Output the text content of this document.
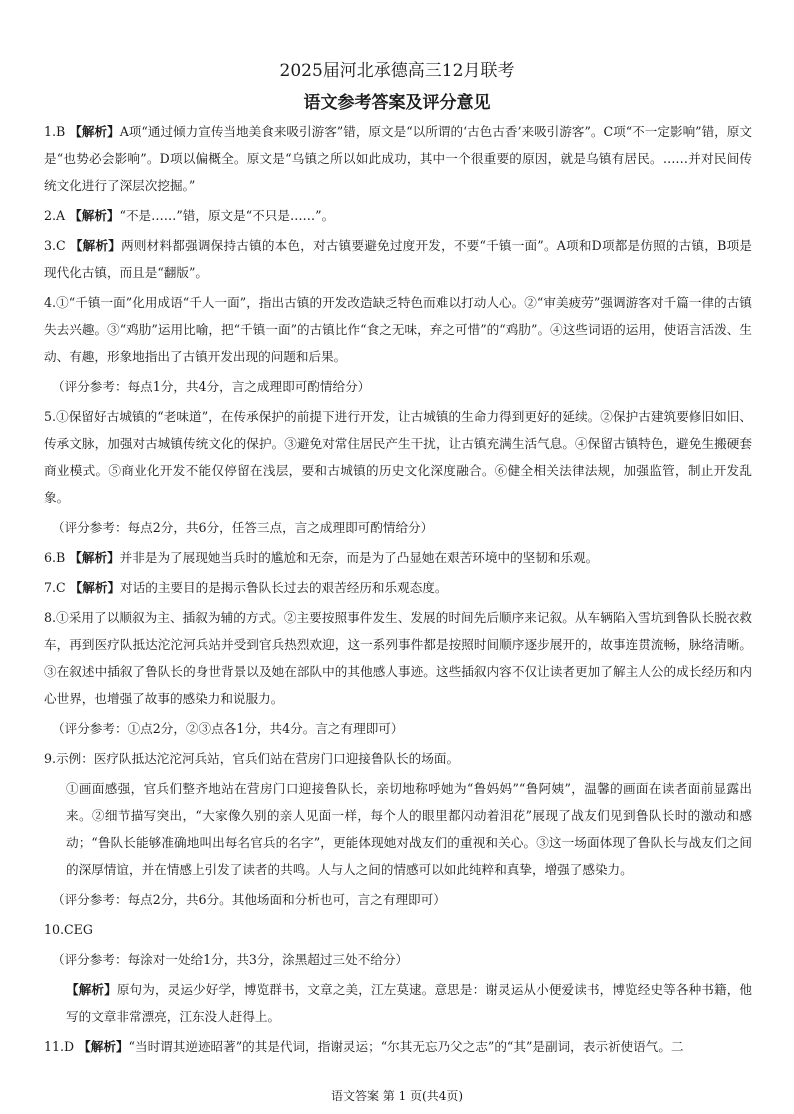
2025届河北承德高三12月联考
语文参考答案及评分意见
1.B 【解析】A项“通过倾力宣传当地美食来吸引游客”错，原文是“以所谓的‘古色古香’来吸引游客”。C项“不一定影响”错，原文是“也势必会影响”。D项以偏概全。原文是“乌镇之所以如此成功，其中一个很重要的原因，就是乌镇有居民。……并对民间传统文化进行了深层次挖掘。”
2.A 【解析】“不是……”错，原文是“不只是……”。
3.C 【解析】两则材料都强调保持古镇的本色，对古镇要避免过度开发，不要“千镇一面”。A项和D项都是仿照的古镇，B项是现代化古镇，而且是“翻版”。
4.①“千镇一面”化用成语“千人一面”，指出古镇的开发改造缺乏特色而难以打动人心。②“审美疲劳”强调游客对千篇一律的古镇失去兴趣。③“鸡肋”运用比喻，把“千镇一面”的古镇比作“食之无味，弃之可惜”的“鸡肋”。④这些词语的运用，使语言活泼、生动、有趣，形象地指出了古镇开发出现的问题和后果。
（评分参考：每点1分，共4分，言之成理即可酌情给分）
5.①保留好古城镇的“老味道”，在传承保护的前提下进行开发，让古城镇的生命力得到更好的延续。②保护古建筑要修旧如旧、传承文脉，加强对古城镇传统文化的保护。③避免对常住居民产生干扰，让古镇充满生活气息。④保留古镇特色，避免生搬硬套商业模式。⑤商业化开发不能仅停留在浅层，要和古城镇的历史文化深度融合。⑥健全相关法律法规，加强监管，制止开发乱象。
（评分参考：每点2分，共6分，任答三点，言之成理即可酌情给分）
6.B 【解析】并非是为了展现她当兵时的尴尬和无奈，而是为了凸显她在艰苦环境中的坚韧和乐观。
7.C 【解析】对话的主要目的是揭示鲁队长过去的艰苦经历和乐观态度。
8.①采用了以顺叙为主、插叙为辅的方式。②主要按照事件发生、发展的时间先后顺序来记叙。从车辆陷入雪坑到鲁队长脱衣救车，再到医疗队抵达沱沱河兵站并受到官兵热烈欢迎，这一系列事件都是按照时间顺序逐步展开的，故事连贯流畅，脉络清晰。③在叙述中插叙了鲁队长的身世背景以及她在部队中的其他感人事迹。这些插叙内容不仅让读者更加了解主人公的成长经历和内心世界，也增强了故事的感染力和说服力。
（评分参考：①点2分，②③点各1分，共4分。言之有理即可）
9.示例：医疗队抵达沱沱河兵站，官兵们站在营房门口迎接鲁队长的场面。
①画面感强，官兵们整齐地站在营房门口迎接鲁队长，亲切地称呼她为“鲁妈妈”“鲁阿姨”，温馨的画面在读者面前显露出来。②细节描写突出，“大家像久别的亲人见面一样，每个人的眼里都闪动着泪花”展现了战友们见到鲁队长时的激动和感动；“鲁队长能够准确地叫出每名官兵的名字”，更能体现她对战友们的重视和关心。③这一场面体现了鲁队长与战友们之间的深厚情谊，并在情感上引发了读者的共鸣。人与人之间的情感可以如此纯粹和真挚，增强了感染力。
（评分参考：每点2分，共6分。其他场面和分析也可，言之有理即可）
10.CEG
（评分参考：每涂对一处给1分，共3分，涂黑超过三处不给分）
【解析】原句为，灵运少好学，博览群书，文章之美，江左莫逮。意思是：谢灵运从小便爱读书，博览经史等各种书籍，他写的文章非常漂亮，江东没人赶得上。
11.D 【解析】“当时谓其逆迹昭著”的其是代词，指谢灵运；“尔其无忘乃父之志”的“其”是副词，表示祈使语气。二
语文答案 第 1 页(共4页)
